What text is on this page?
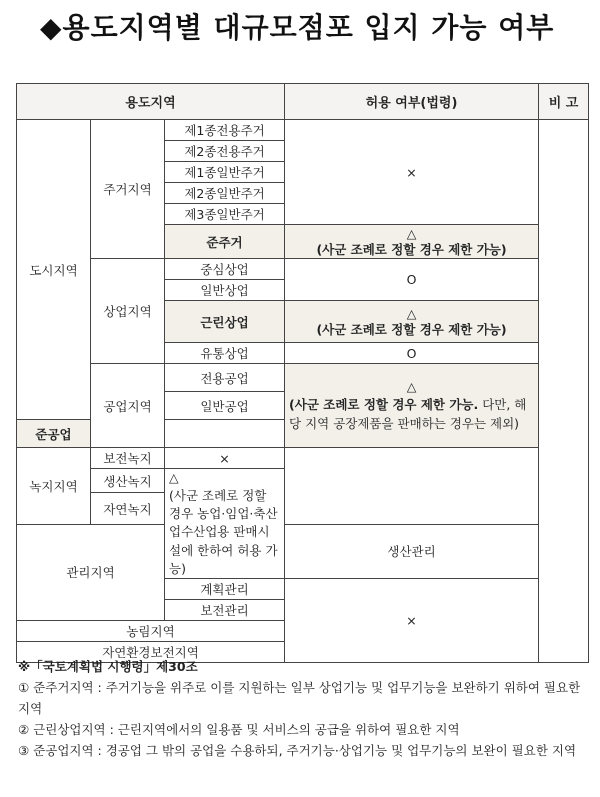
◆용도지역별 대규모점포 입지 가능 여부
용도지역			허용 여부(법령)	비 고
도시지역	주거지역	제1종전용주거	×	
		제2종전용주거		
		제1종일반주거		
		제2종일반주거		
		제3종일반주거		
		준주거	△
(사군 조례로 정할 경우 제한 가능)	
	상업지역	중심상업	O	
		일반상업		
		근린상업	△
(사군 조례로 정할 경우 제한 가능)	
		유통상업	O	
	공업지역	전용공업	△
(사군 조례로 정할 경우 제한 가능. 다만, 해당 지역 공장제품을 판매하는 경우는 제외)	
		일반공업		
준공업				
녹지지역	보전녹지	×		
	생산녹지	△
(사군 조례로 정할 경우 농업·임업·축산업수산업용 판매시설에 한하여 허용 가능)		
	자연녹지			
관리지역			생산관리	
		계획관리	×	
		보전관리		
농림지역				
자연환경보전지역				

※「국토계획법 시행령」제30조

① 준주거지역 : 주거기능을 위주로 이를 지원하는 일부 상업기능 및 업무기능을 보완하기 위하여 필요한 지역

② 근린상업지역 : 근린지역에서의 일용품 및 서비스의 공급을 위하여 필요한 지역

③ 준공업지역 : 경공업 그 밖의 공업을 수용하되, 주거기능·상업기능 및 업무기능의 보완이 필요한 지역
